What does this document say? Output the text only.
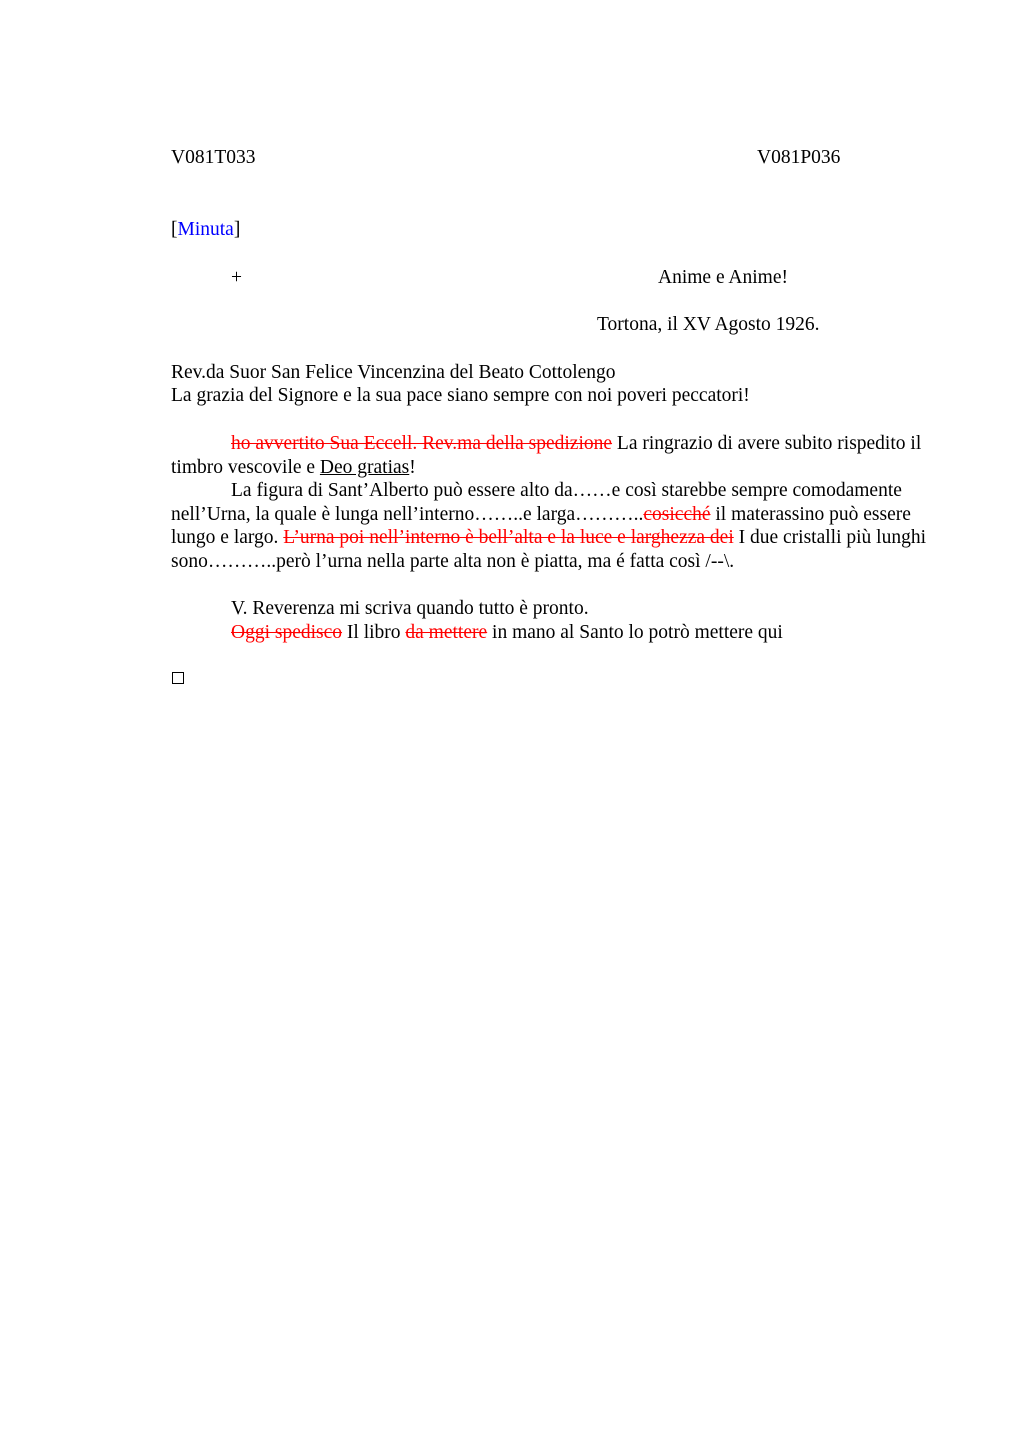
V081T033	V081P036
[Minuta]
+	Anime e Anime!
Tortona, il XV Agosto 1926.
Rev.da Suor San Felice Vincenzina del Beato Cottolengo
La grazia del Signore e la sua pace siano sempre con noi poveri peccatori!
ho avvertito Sua Eccell. Rev.ma della spedizione La ringrazio di avere subito rispedito il timbro vescovile e Deo gratias!
La figura di Sant’Alberto può essere alto da……e così starebbe sempre comodamente nell’Urna, la quale è lunga nell’interno……..e larga………..cosicché il materassino può essere lungo e largo. L’urna poi nell’interno è bell’alta e la luce e larghezza dei I due cristalli più lunghi sono………..però l’urna nella parte alta non è piatta, ma é fatta così /--\.
V. Reverenza mi scriva quando tutto è pronto.
Oggi spedisco Il libro da mettere in mano al Santo lo potrò mettere qui
